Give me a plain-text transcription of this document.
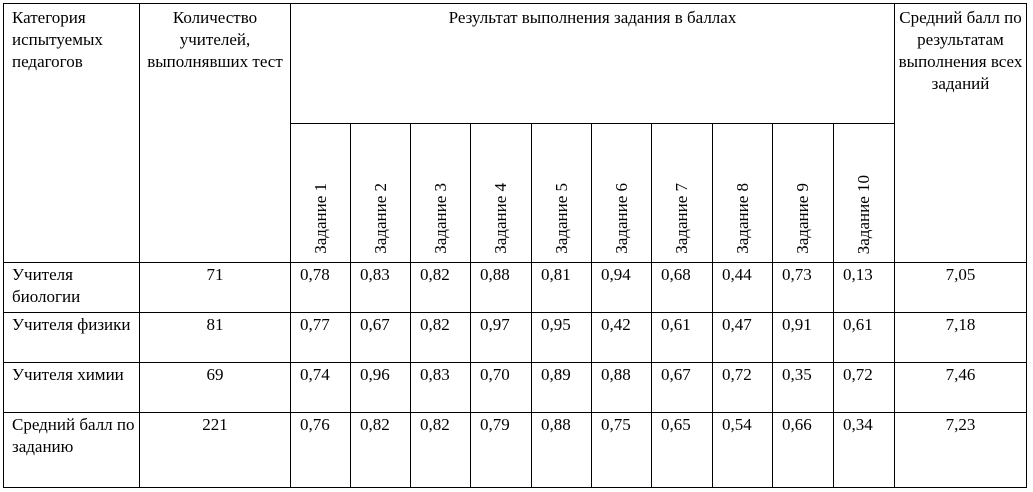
Категория испытуемых педагогов	Количество учителей, выполнявших тест	Результат выполнения задания в баллах										Средний балл по результатам выполнения всех заданий

		Задание 1	Задание 2	Задание 3	Задание 4	Задание 5	Задание 6	Задание 7	Задание 8	Задание 9	Задание 10	

Учителя биологии	71	0,78	0,83	0,82	0,88	0,81	0,94	0,68	0,44	0,73	0,13	7,05
Учителя физики	81	0,77	0,67	0,82	0,97	0,95	0,42	0,61	0,47	0,91	0,61	7,18
Учителя химии	69	0,74	0,96	0,83	0,70	0,89	0,88	0,67	0,72	0,35	0,72	7,46
Средний балл по заданию	221	0,76	0,82	0,82	0,79	0,88	0,75	0,65	0,54	0,66	0,34	7,23
